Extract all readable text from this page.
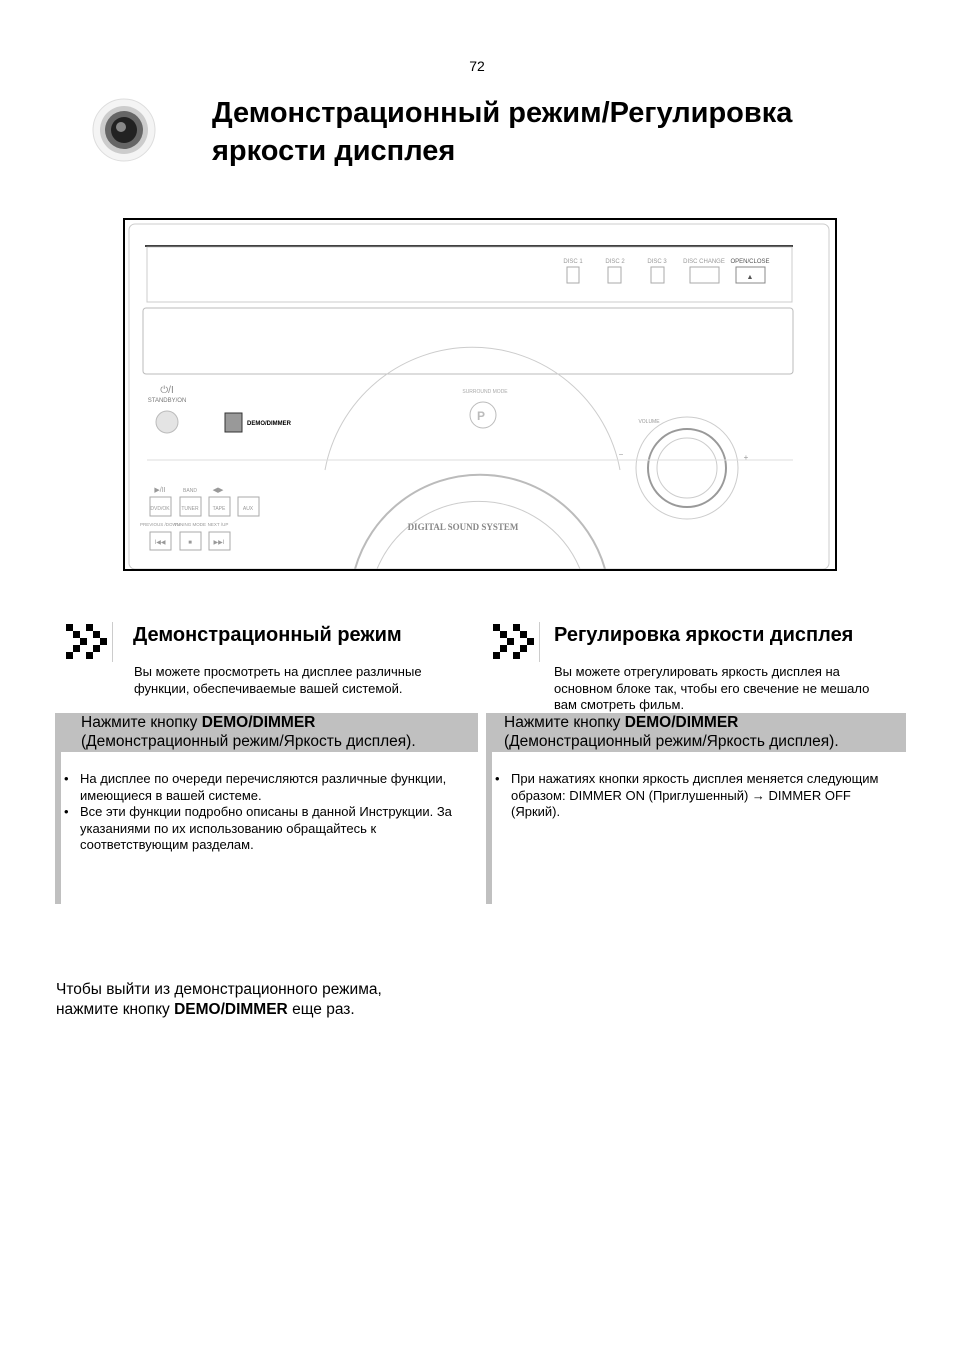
72
Демонстрационный режим/Регулировка яркости дисплея
P
DISC 1	DISC 2	DISC 3	DISC CHANGE OPEN/CLOSE
▲
⏻/I
STANDBY/ON
SURROUND MODE
VOLUME
−	+
▶/II	BAND ◀▶
DVD/OK TUNER	TAPE	AUX
PREVIOUS /DOWN
TUNING MODE NEXT /UP
I◀◀	■	▶▶I
DIGITAL SOUND SYSTEM
DEMO/DIMMER
Демонстрационный режим
Вы можете просмотреть на дисплее различные функции, обеспечиваемые вашей системой.
Нажмите кнопку DEMO/DIMMER
(Демонстрационный режим/Яркость дисплея).
• На дисплее по очереди перечисляются различные функции, имеющиеся в вашей системе.
• Все эти функции подробно описаны в данной Инструкции. За указаниями по их использованию обращайтесь к соответствующим разделам.
Регулировка яркости дисплея
Вы можете отрегулировать яркость дисплея на основном блоке так, чтобы его свечение не мешало вам смотреть фильм.
Нажмите кнопку DEMO/DIMMER
(Демонстрационный режим/Яркость дисплея).
• При нажатиях кнопки яркость дисплея меняется следующим образом: DIMMER ON (Приглушенный) → DIMMER OFF (Яркий).
Чтобы выйти из демонстрационного режима,
нажмите кнопку DEMO/DIMMER еще раз.
